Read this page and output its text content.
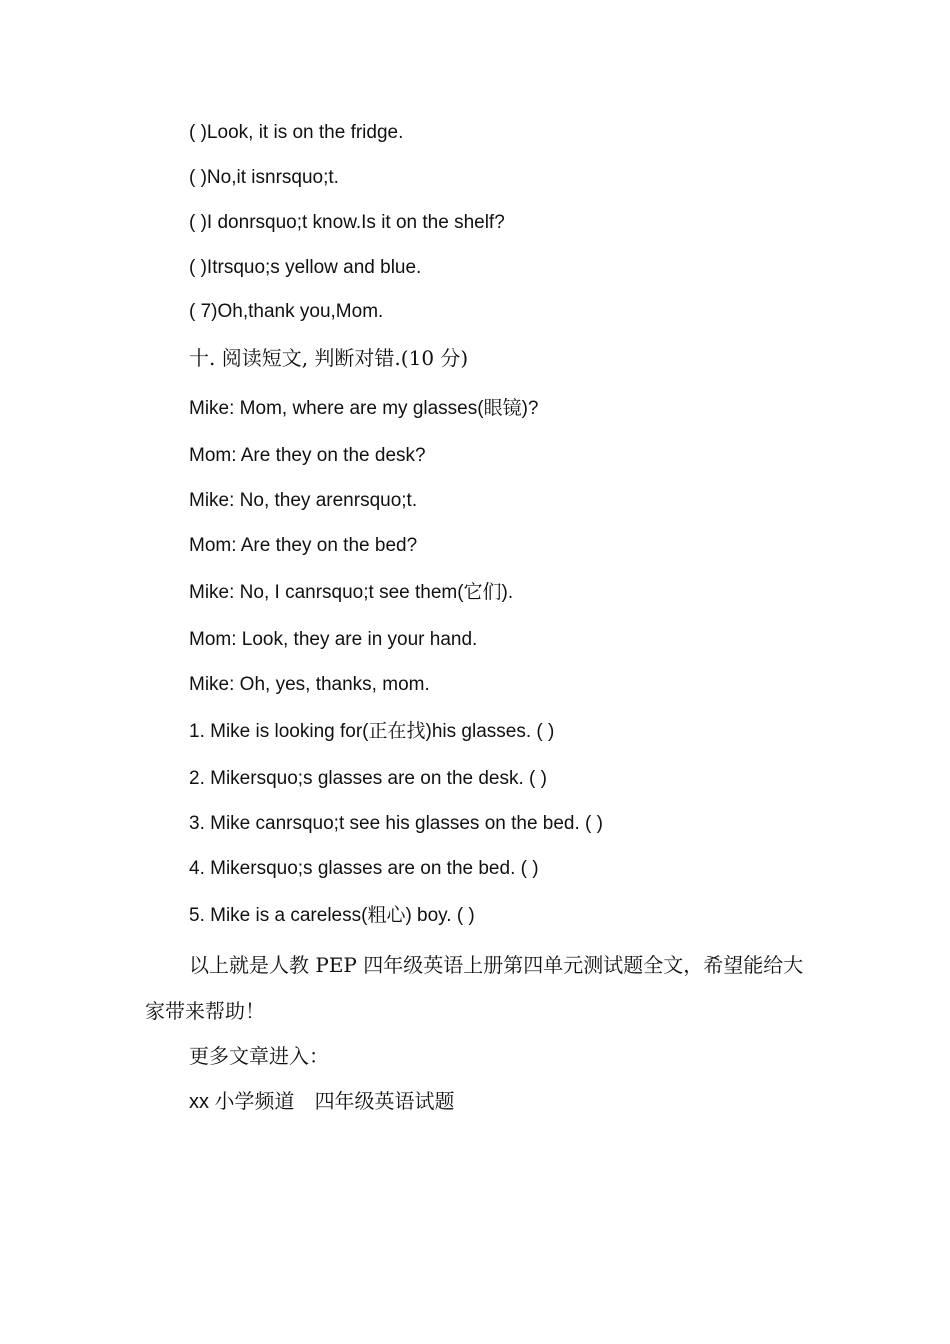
( )Look, it is on the fridge.
( )No,it isnrsquo;t.
( )I donrsquo;t know.Is it on the shelf?
( )Itrsquo;s yellow and blue.
( 7)Oh,thank you,Mom.
十. 阅读短文, 判断对错.(10 分)
Mike: Mom, where are my glasses(眼镜)?
Mom: Are they on the desk?
Mike: No, they arenrsquo;t.
Mom: Are they on the bed?
Mike: No, I canrsquo;t see them(它们).
Mom: Look, they are in your hand.
Mike: Oh, yes, thanks, mom.
1. Mike is looking for(正在找)his glasses. ( )
2. Mikersquo;s glasses are on the desk. ( )
3. Mike canrsquo;t see his glasses on the bed. ( )
4. Mikersquo;s glasses are on the bed. ( )
5. Mike is a careless(粗心) boy. ( )
以上就是人教 PEP 四年级英语上册第四单元测试题全文，希望能给大家带来帮助！
更多文章进入：
xx 小学频道 四年级英语试题
